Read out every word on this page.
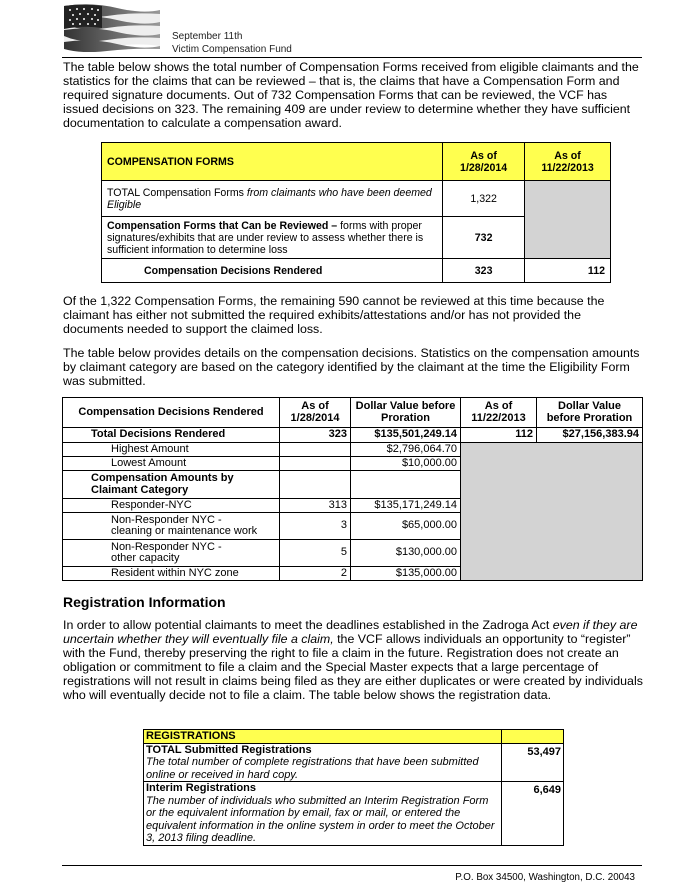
September 11th
Victim Compensation Fund
The table below shows the total number of Compensation Forms received from eligible claimants and the statistics for the claims that can be reviewed – that is, the claims that have a Compensation Form and required signature documents. Out of 732 Compensation Forms that can be reviewed, the VCF has issued decisions on 323. The remaining 409 are under review to determine whether they have sufficient documentation to calculate a compensation award.
COMPENSATION FORMS	As of 1/28/2014	As of 11/22/2013
TOTAL Compensation Forms from claimants who have been deemed Eligible	1,322	
Compensation Forms that Can be Reviewed – forms with proper signatures/exhibits that are under review to assess whether there is sufficient information to determine loss	732	
Compensation Decisions Rendered	323	112
Of the 1,322 Compensation Forms, the remaining 590 cannot be reviewed at this time because the claimant has either not submitted the required exhibits/attestations and/or has not provided the documents needed to support the claimed loss.
The table below provides details on the compensation decisions. Statistics on the compensation amounts by claimant category are based on the category identified by the claimant at the time the Eligibility Form was submitted.
Compensation Decisions Rendered	As of 1/28/2014	Dollar Value before Proration	As of 11/22/2013	Dollar Value before Proration
Total Decisions Rendered	323	$135,501,249.14	112	$27,156,383.94
Highest Amount		$2,796,064.70		
Lowest Amount		$10,000.00		
Compensation Amounts by Claimant Category				
Responder-NYC	313	$135,171,249.14		
Non-Responder NYC -
cleaning or maintenance work	3	$65,000.00		
Non-Responder NYC -
other capacity	5	$130,000.00		
Resident within NYC zone	2	$135,000.00		
Registration Information
In order to allow potential claimants to meet the deadlines established in the Zadroga Act even if they are uncertain whether they will eventually file a claim, the VCF allows individuals an opportunity to “register” with the Fund, thereby preserving the right to file a claim in the future. Registration does not create an obligation or commitment to file a claim and the Special Master expects that a large percentage of registrations will not result in claims being filed as they are either duplicates or were created by individuals who will eventually decide not to file a claim. The table below shows the registration data.
REGISTRATIONS	

TOTAL Submitted Registrations
The total number of complete registrations that have been submitted online or received in hard copy.	53,497

Interim Registrations
The number of individuals who submitted an Interim Registration Form or the equivalent information by email, fax or mail, or entered the equivalent information in the online system in order to meet the October 3, 2013 filing deadline.	6,649
P.O. Box 34500, Washington, D.C. 20043
